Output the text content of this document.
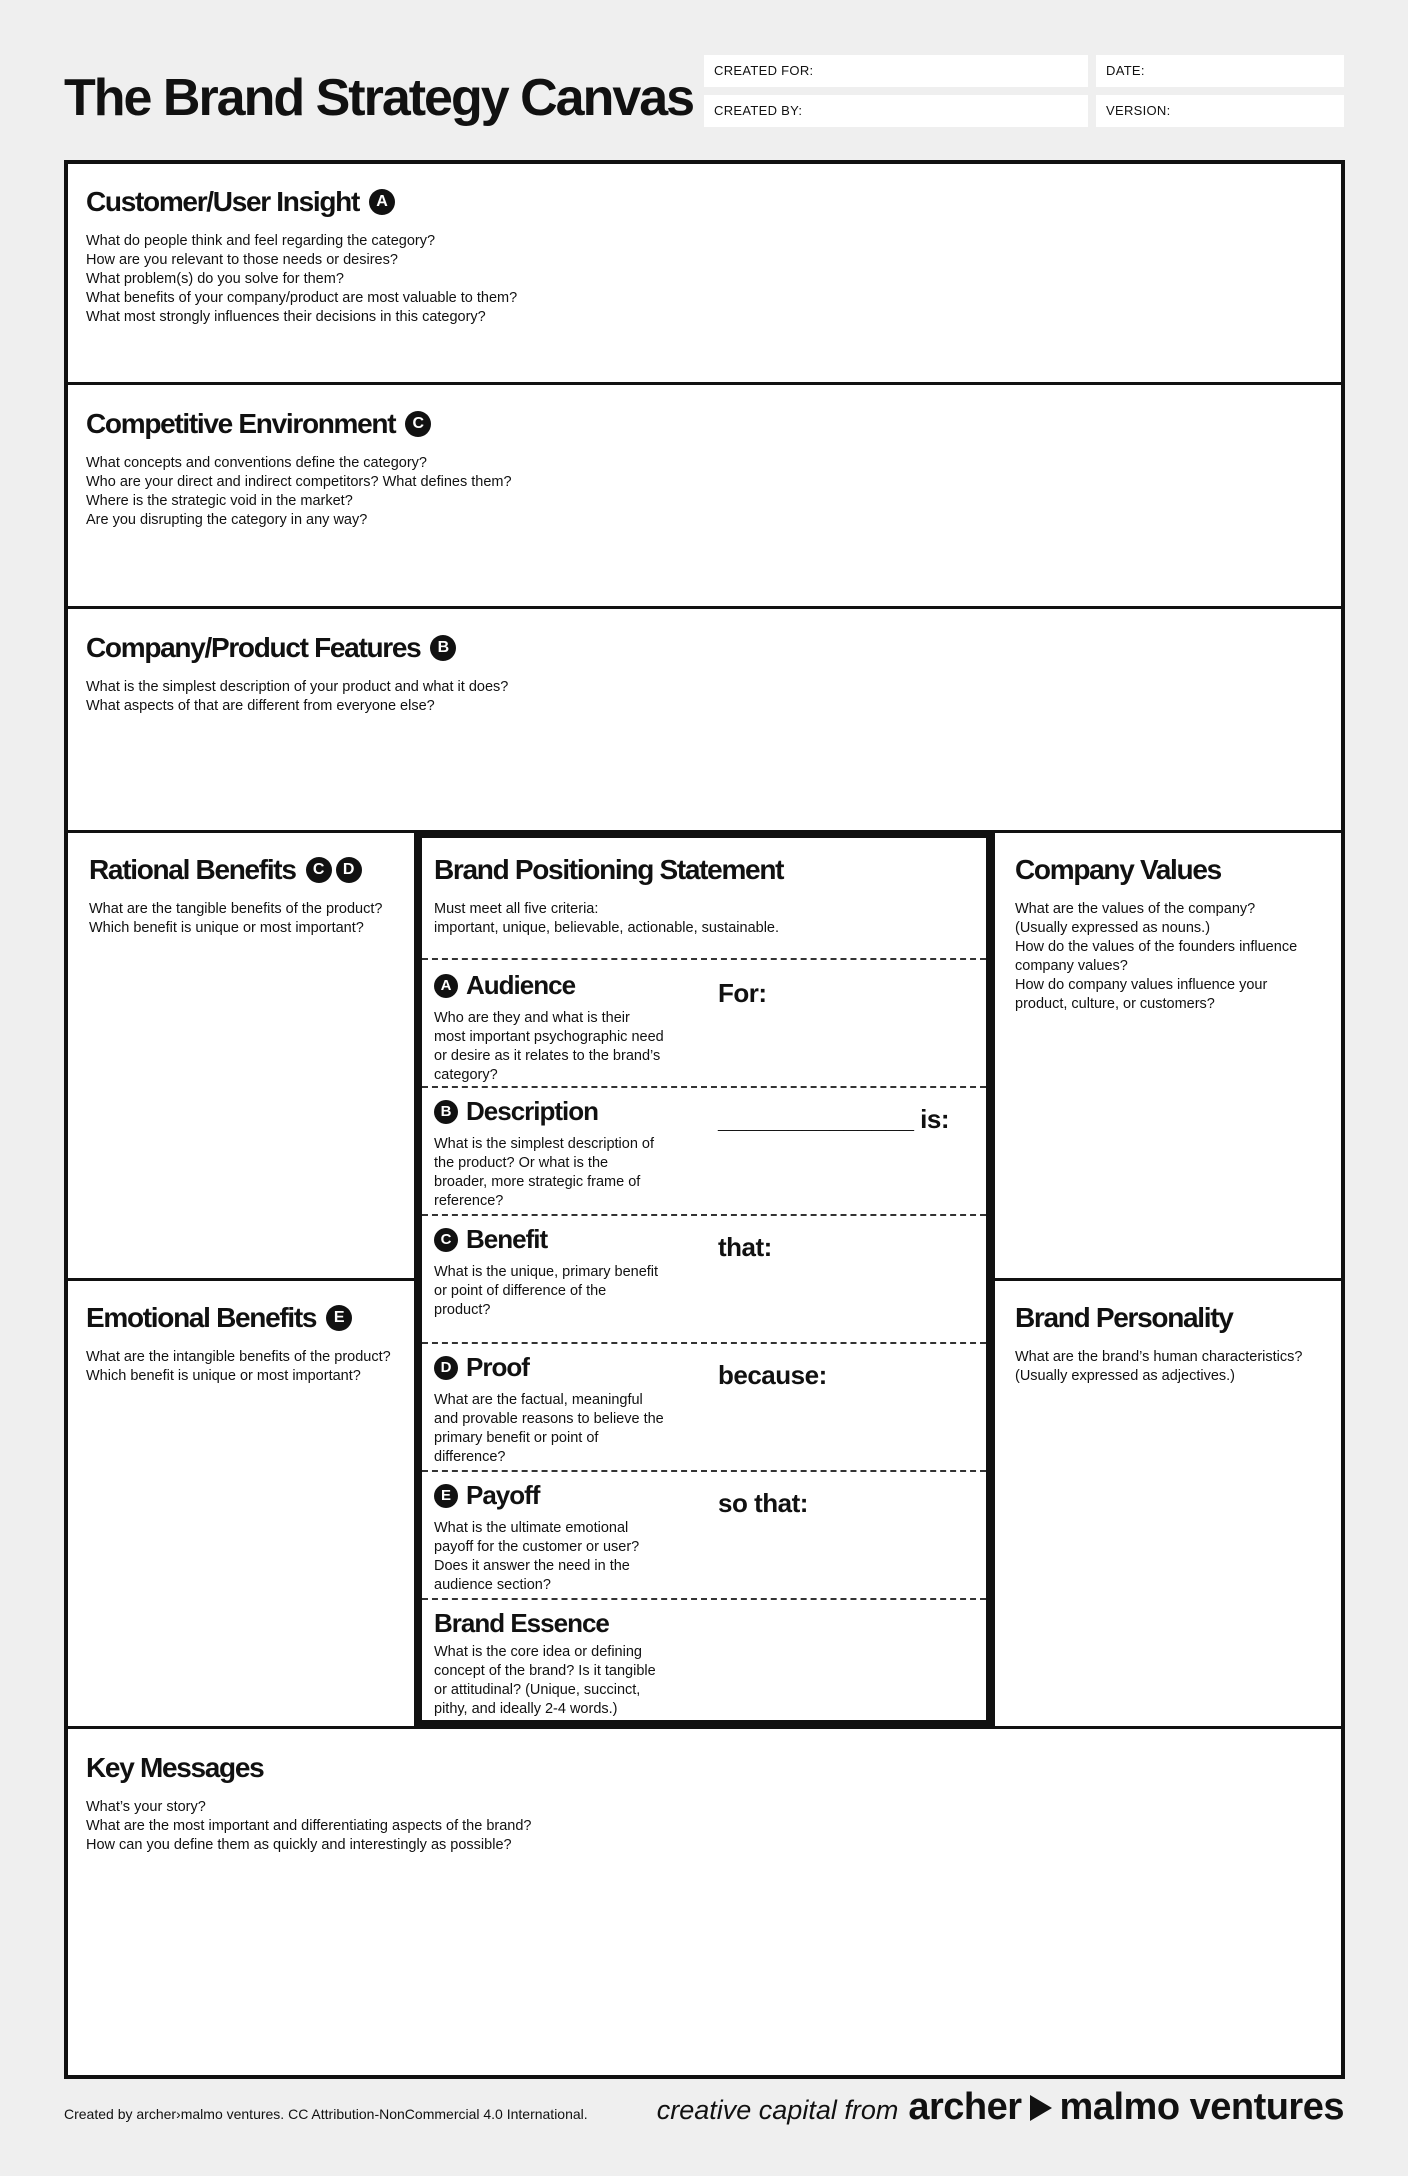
The Brand Strategy Canvas	CREATED FOR:	DATE:
CREATED BY:	VERSION:
Customer/User Insight	A

What do people think and feel regarding the category?

How are you relevant to those needs or desires?

What problem(s) do you solve for them?

What benefits of your company/product are most valuable to them?

What most strongly influences their decisions in this category?

Competitive Environment	C

What concepts and conventions define the category?

Who are your direct and indirect competitors? What defines them?

Where is the strategic void in the market?

Are you disrupting the category in any way?

Company/Product Features	B

What is the simplest description of your product and what it does?

What aspects of that are different from everyone else?

Rational Benefits	C	D

What are the tangible benefits of the product?

Which benefit is unique or most important?

Emotional Benefits	E

What are the intangible benefits of the product?

Which benefit is unique or most important?

Company Values

What are the values of the company?

(Usually expressed as nouns.)

How do the values of the founders influence

company values?

How do company values influence your

product, culture, or customers?

Brand Personality

What are the brand’s human characteristics?

(Usually expressed as adjectives.)

Brand Positioning Statement

Must meet all five criteria:

important, unique, believable, actionable, sustainable.

A Audience	For:
Who are they and what is their most important psychographic need or desire as it relates to the brand’s category?
B Description	______________ is:
What is the simplest description of the product? Or what is the broader, more strategic frame of reference?
C Benefit	that:
What is the unique, primary benefit or point of difference of the product?
D Proof	because:
What are the factual, meaningful and provable reasons to believe the primary benefit or point of difference?
E Payoff	so that:
What is the ultimate emotional payoff for the customer or user? Does it answer the need in the audience section?
Brand Essence
What is the core idea or defining concept of the brand? Is it tangible or attitudinal? (Unique, succinct, pithy, and ideally 2-4 words.)
Key Messages

What’s your story?

What are the most important and differentiating aspects of the brand?

How can you define them as quickly and interestingly as possible?

Created by archer›malmo ventures. CC Attribution-NonCommercial 4.0 International.	creative capital from archer malmo ventures
